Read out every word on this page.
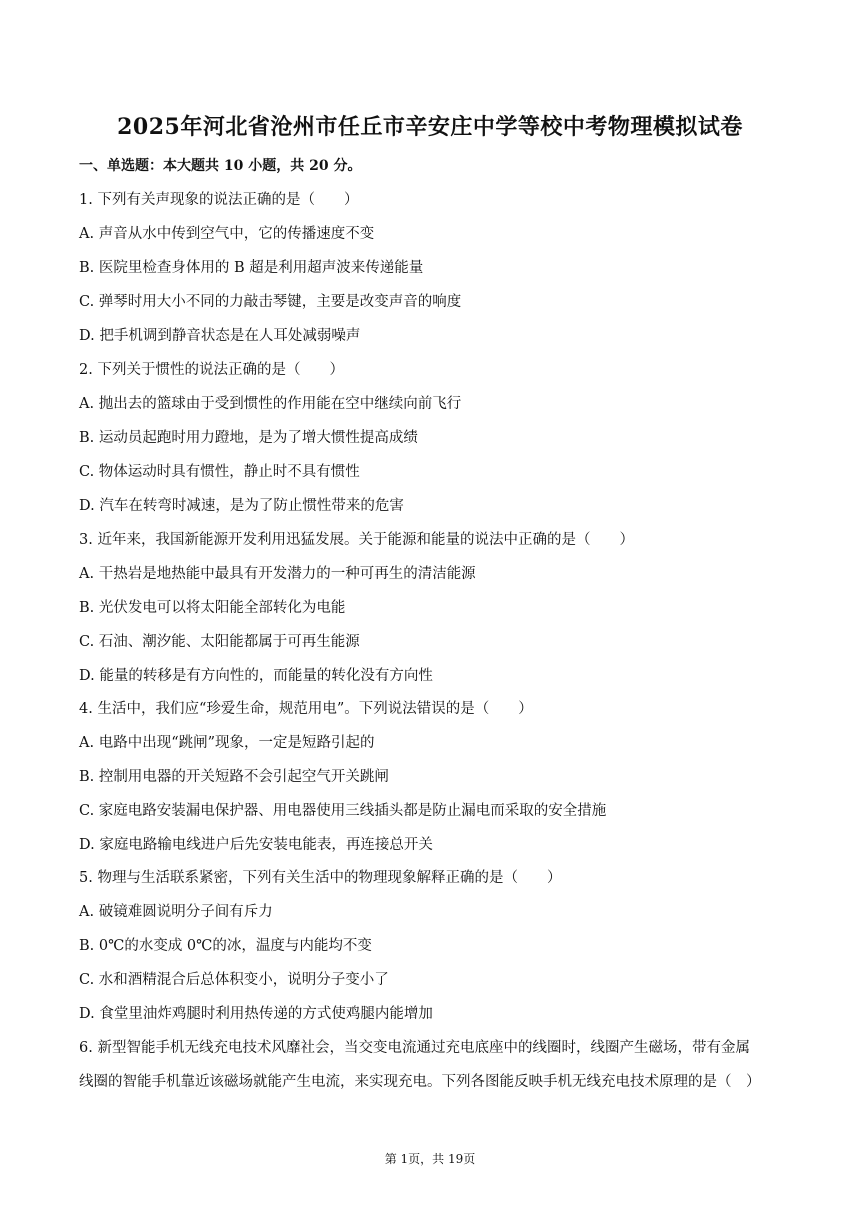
2025年河北省沧州市任丘市辛安庄中学等校中考物理模拟试卷
一、单选题：本大题共 10 小题，共 20 分。
1. 下列有关声现象的说法正确的是（　　）
A. 声音从水中传到空气中，它的传播速度不变
B. 医院里检查身体用的 B 超是利用超声波来传递能量
C. 弹琴时用大小不同的力敲击琴键，主要是改变声音的响度
D. 把手机调到静音状态是在人耳处减弱噪声
2. 下列关于惯性的说法正确的是（　　）
A. 抛出去的篮球由于受到惯性的作用能在空中继续向前飞行
B. 运动员起跑时用力蹬地，是为了增大惯性提高成绩
C. 物体运动时具有惯性，静止时不具有惯性
D. 汽车在转弯时减速，是为了防止惯性带来的危害
3. 近年来，我国新能源开发利用迅猛发展。关于能源和能量的说法中正确的是（　　）
A. 干热岩是地热能中最具有开发潜力的一种可再生的清洁能源
B. 光伏发电可以将太阳能全部转化为电能
C. 石油、潮汐能、太阳能都属于可再生能源
D. 能量的转移是有方向性的，而能量的转化没有方向性
4. 生活中，我们应“珍爱生命，规范用电”。下列说法错误的是（　　）
A. 电路中出现“跳闸”现象，一定是短路引起的
B. 控制用电器的开关短路不会引起空气开关跳闸
C. 家庭电路安装漏电保护器、用电器使用三线插头都是防止漏电而采取的安全措施
D. 家庭电路输电线进户后先安装电能表，再连接总开关
5. 物理与生活联系紧密，下列有关生活中的物理现象解释正确的是（　　）
A. 破镜难圆说明分子间有斥力
B. 0℃的水变成 0℃的冰，温度与内能均不变
C. 水和酒精混合后总体积变小，说明分子变小了
D. 食堂里油炸鸡腿时利用热传递的方式使鸡腿内能增加
6. 新型智能手机无线充电技术风靡社会，当交变电流通过充电底座中的线圈时，线圈产生磁场，带有金属
线圈的智能手机靠近该磁场就能产生电流，来实现充电。下列各图能反映手机无线充电技术原理的是（　）
第 1页，共 19页
